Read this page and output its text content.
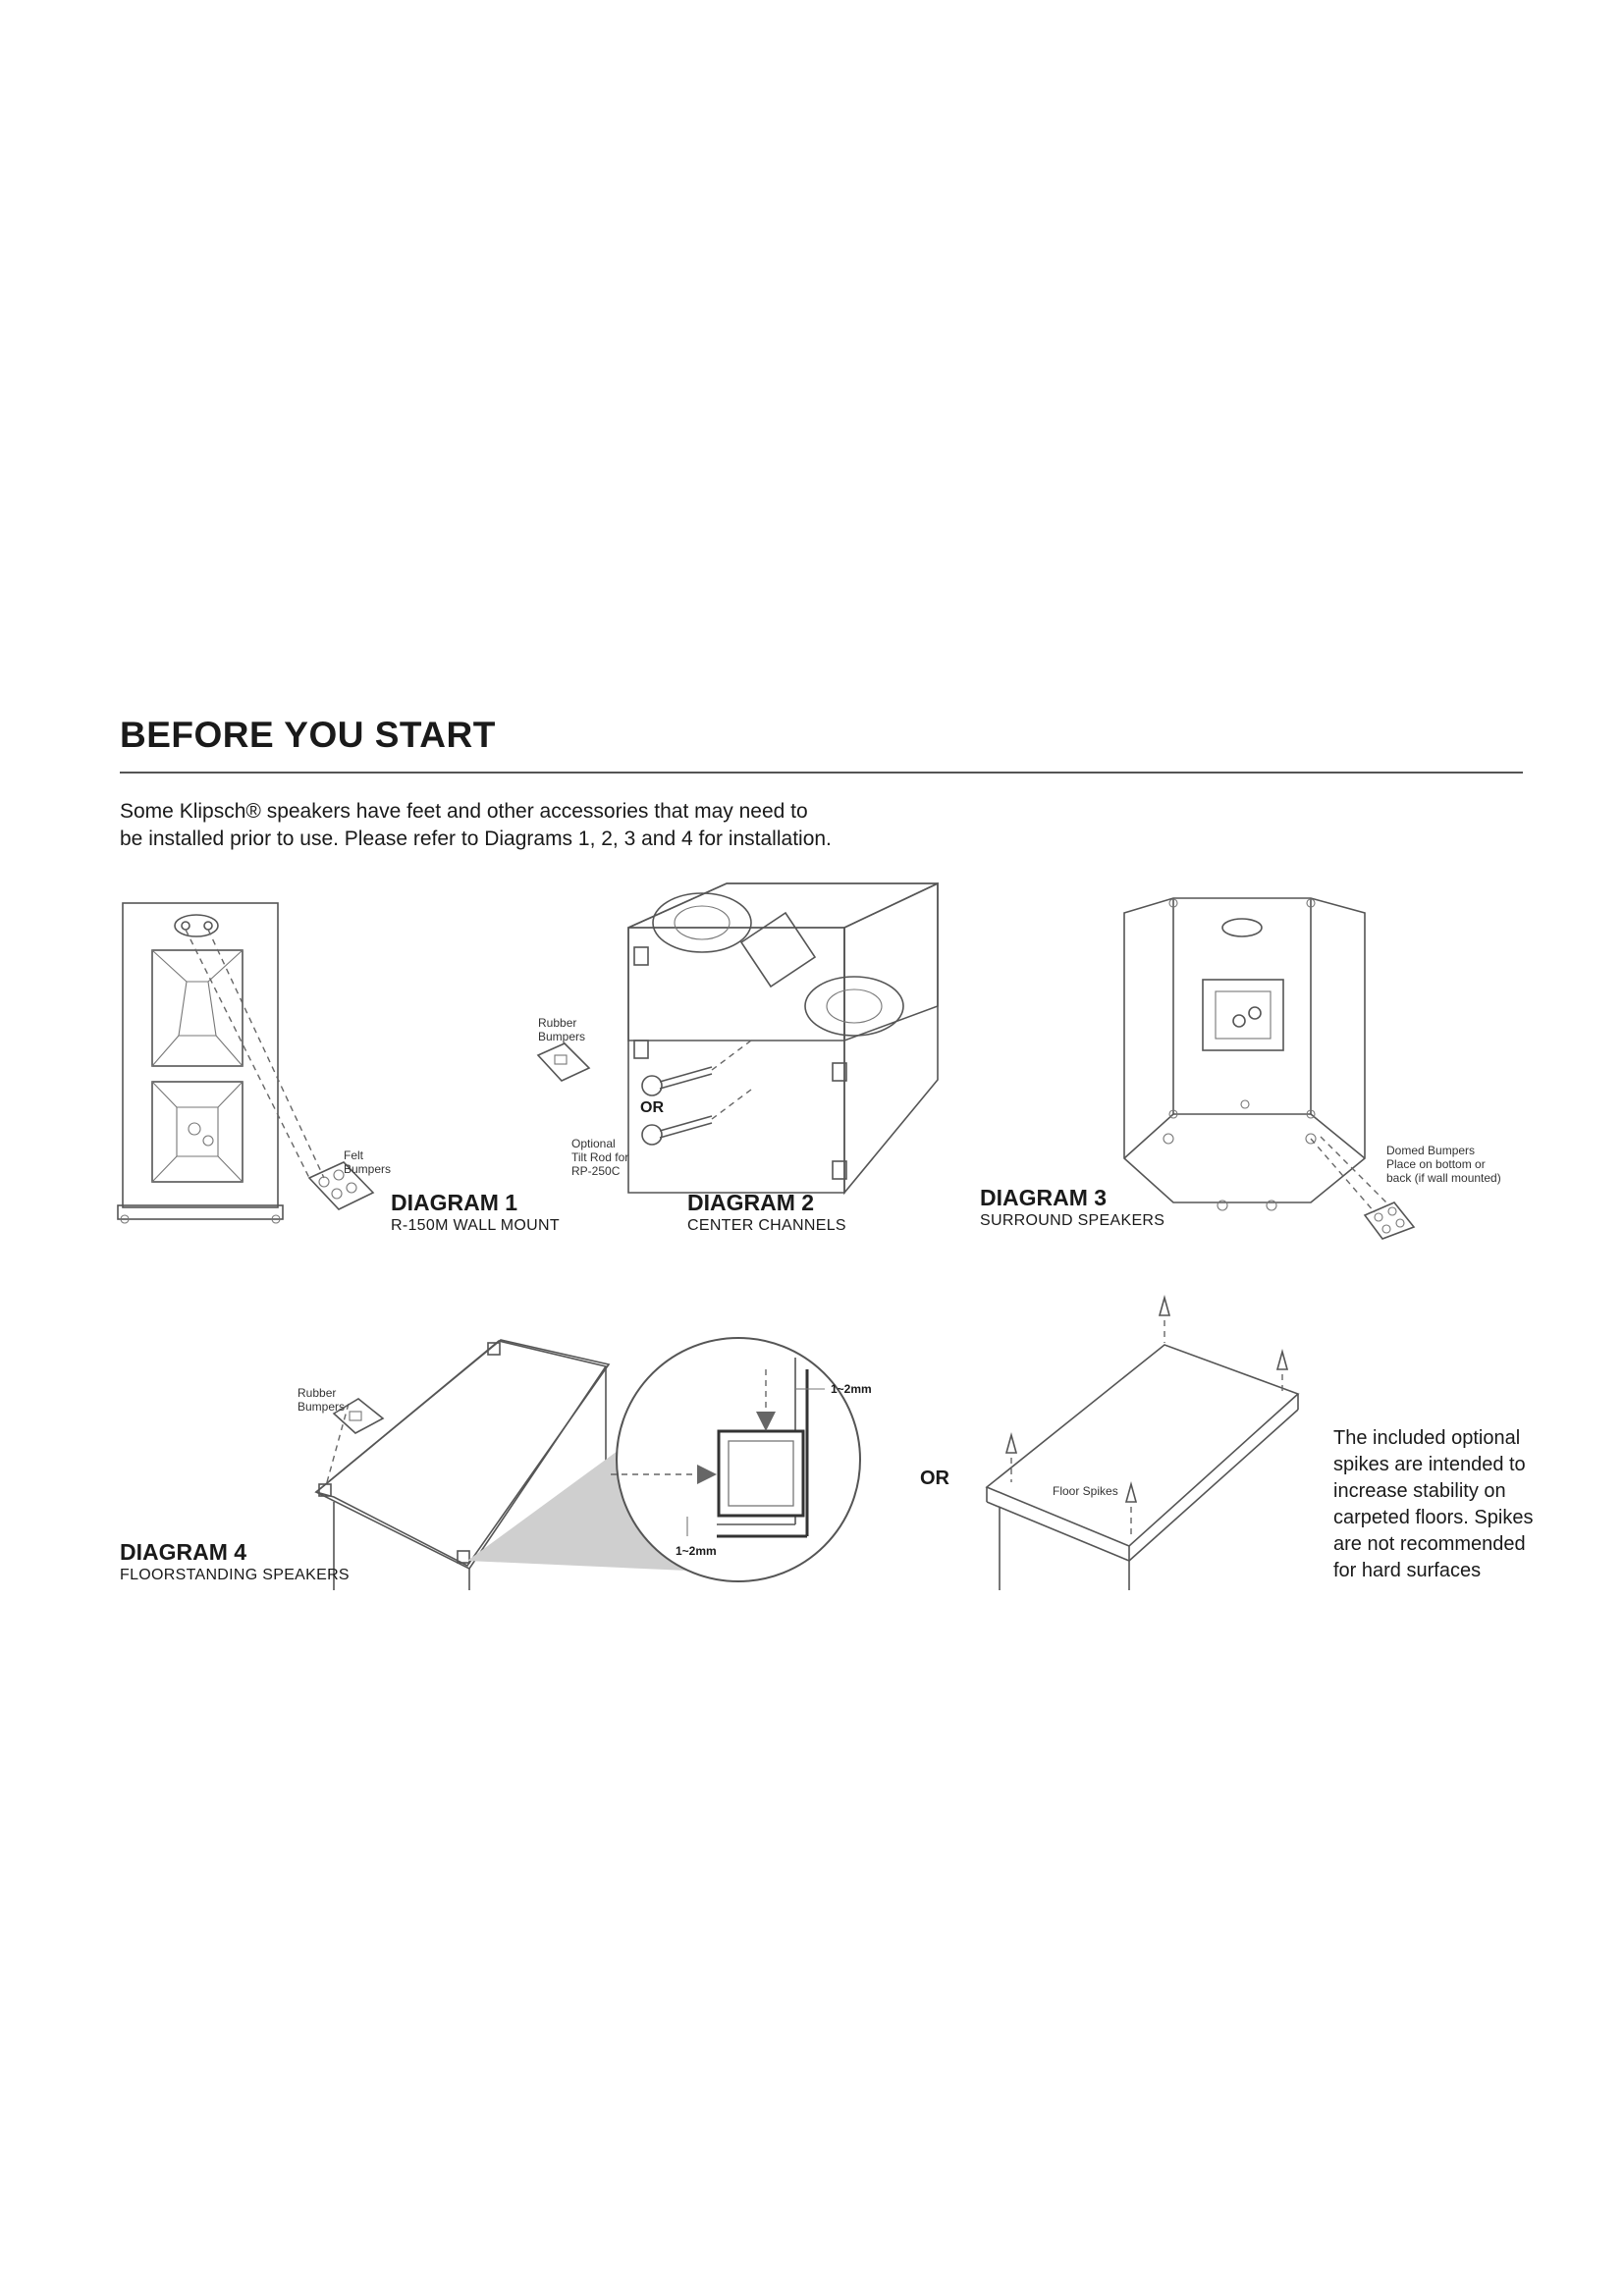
BEFORE YOU START
Some Klipsch® speakers have feet and other accessories that may need to
be installed prior to use. Please refer to Diagrams 1, 2, 3 and 4 for installation.
Felt
Bumpers
DIAGRAM 1
R-150M WALL MOUNT
Rubber
Bumpers
OR
Optional
Tilt Rod for
RP-250C
DIAGRAM 2
CENTER CHANNELS
Domed Bumpers
Place on bottom or
back (if wall mounted)
DIAGRAM 3
SURROUND SPEAKERS
Rubber
Bumpers
1~2mm
1~2mm
OR
Floor Spikes
The included optional
spikes are intended to
increase stability on
carpeted floors. Spikes
are not recommended
for hard surfaces
DIAGRAM 4
FLOORSTANDING SPEAKERS
